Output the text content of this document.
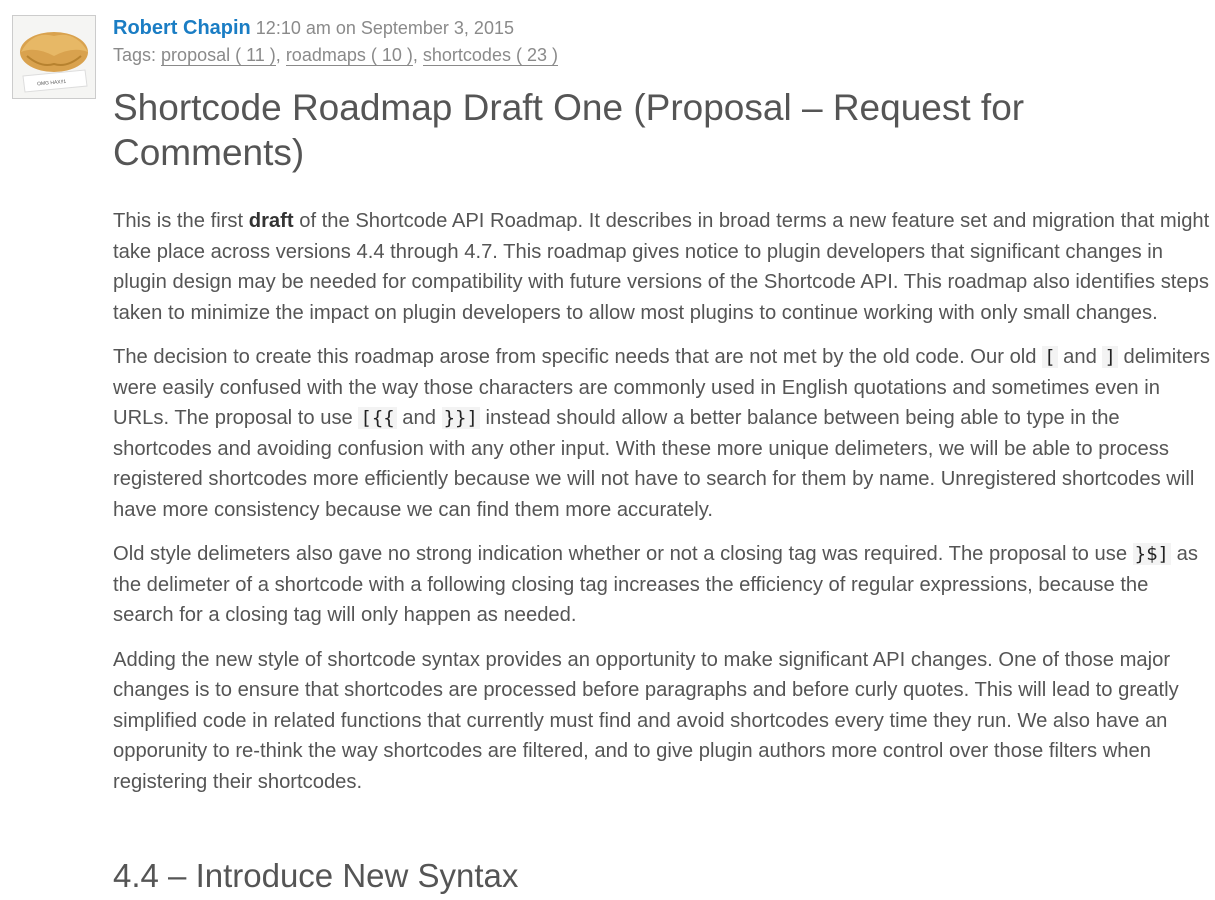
OMG HAX!!1
Robert Chapin 12:10 am on September 3, 2015
Tags: proposal ( 11 ), roadmaps ( 10 ), shortcodes ( 23 )
Shortcode Roadmap Draft One (Proposal – Request for Comments)

This is the first draft of the Shortcode API Roadmap. It describes in broad terms a new feature set and migration that might take place across versions 4.4 through 4.7. This roadmap gives notice to plugin developers that significant changes in plugin design may be needed for compatibility with future versions of the Shortcode API. This roadmap also identifies steps taken to minimize the impact on plugin developers to allow most plugins to continue working with only small changes.

The decision to create this roadmap arose from specific needs that are not met by the old code. Our old [ and ] delimiters were easily confused with the way those characters are commonly used in English quotations and sometimes even in URLs. The proposal to use [{{ and }}] instead should allow a better balance between being able to type in the shortcodes and avoiding confusion with any other input. With these more unique delimeters, we will be able to process registered shortcodes more efficiently because we will not have to search for them by name. Unregistered shortcodes will have more consistency because we can find them more accurately.

Old style delimeters also gave no strong indication whether or not a closing tag was required. The proposal to use }$] as the delimeter of a shortcode with a following closing tag increases the efficiency of regular expressions, because the search for a closing tag will only happen as needed.

Adding the new style of shortcode syntax provides an opportunity to make significant API changes. One of those major changes is to ensure that shortcodes are processed before paragraphs and before curly quotes. This will lead to greatly simplified code in related functions that currently must find and avoid shortcodes every time they run. We also have an opporunity to re-think the way shortcodes are filtered, and to give plugin authors more control over those filters when registering their shortcodes.

4.4 – Introduce New Syntax
